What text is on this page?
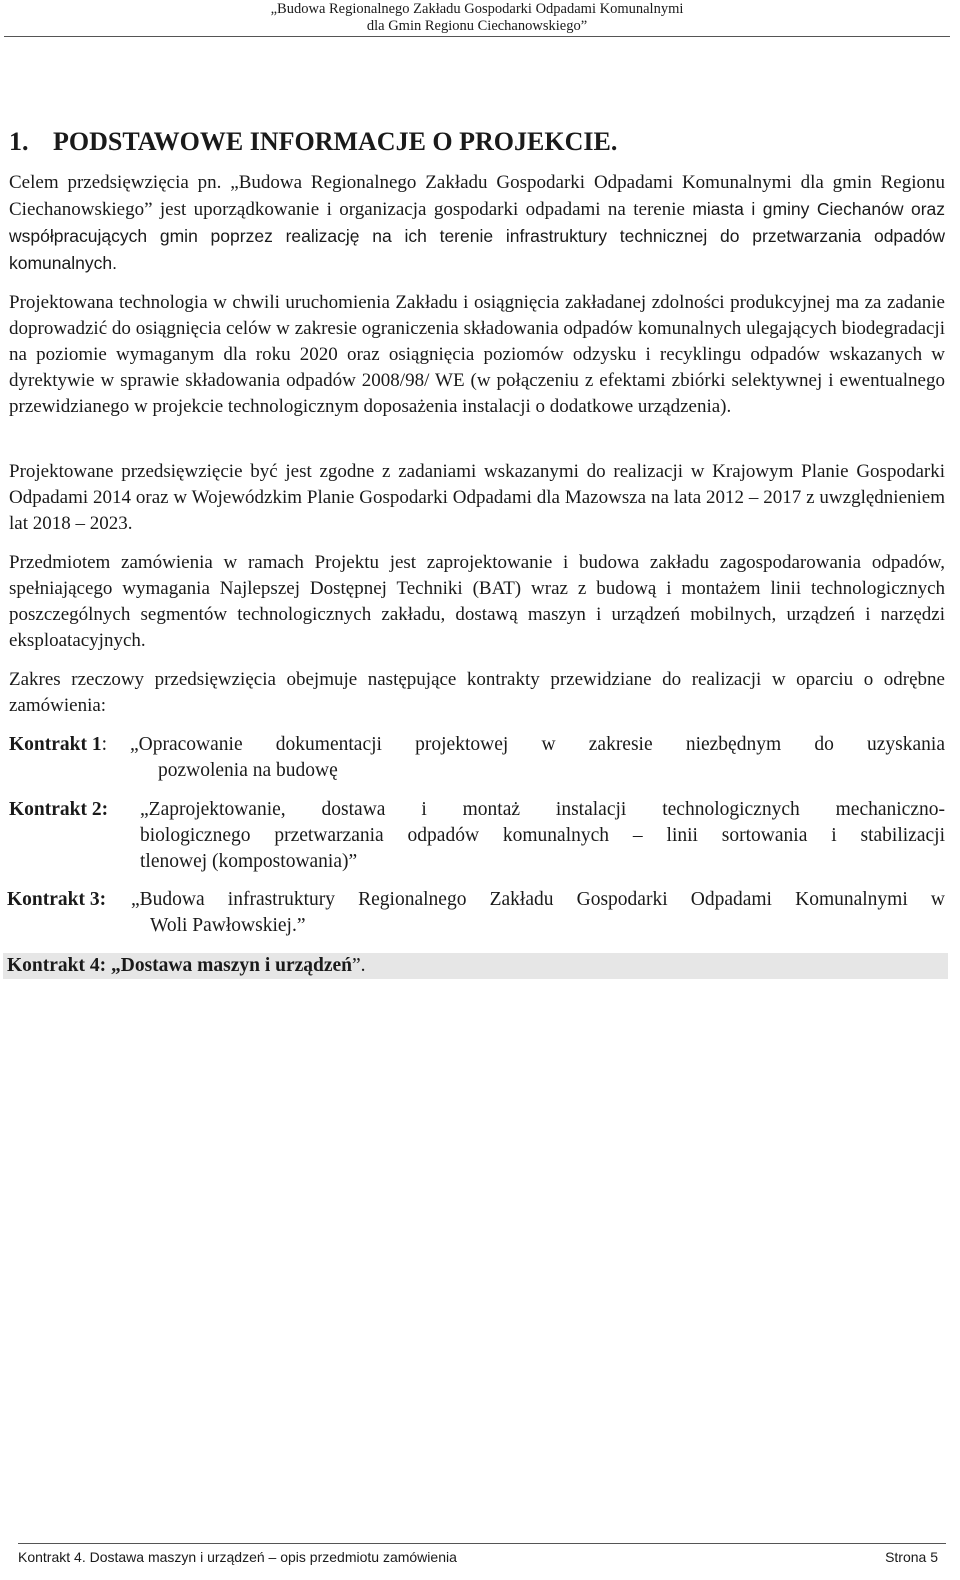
„Budowa Regionalnego Zakładu Gospodarki Odpadami Komunalnymi
dla Gmin Regionu Ciechanowskiego”
1. PODSTAWOWE INFORMACJE O PROJEKCIE.

Celem przedsięwzięcia pn. „Budowa Regionalnego Zakładu Gospodarki Odpadami Komunalnymi dla gmin Regionu Ciechanowskiego” jest uporządkowanie i organizacja gospodarki odpadami na terenie miasta i gminy Ciechanów oraz współpracujących gmin poprzez realizację na ich terenie infrastruktury technicznej do przetwarzania odpadów komunalnych.

Projektowana technologia w chwili uruchomienia Zakładu i osiągnięcia zakładanej zdolności produkcyjnej ma za zadanie doprowadzić do osiągnięcia celów w zakresie ograniczenia składowania odpadów komunalnych ulegających biodegradacji na poziomie wymaganym dla roku 2020 oraz osiągnięcia poziomów odzysku i recyklingu odpadów wskazanych w dyrektywie w sprawie składowania odpadów 2008/98/ WE (w połączeniu z efektami zbiórki selektywnej i ewentualnego przewidzianego w projekcie technologicznym doposażenia instalacji o dodatkowe urządzenia).

Projektowane przedsięwzięcie być jest zgodne z zadaniami wskazanymi do realizacji w Krajowym Planie Gospodarki Odpadami 2014 oraz w Wojewódzkim Planie Gospodarki Odpadami dla Mazowsza na lata 2012 – 2017 z uwzględnieniem lat 2018 – 2023.

Przedmiotem zamówienia w ramach Projektu jest zaprojektowanie i budowa zakładu zagospodarowania odpadów, spełniającego wymagania Najlepszej Dostępnej Techniki (BAT) wraz z budową i montażem linii technologicznych poszczególnych segmentów technologicznych zakładu, dostawą maszyn i urządzeń mobilnych, urządzeń i narzędzi eksploatacyjnych.

Zakres rzeczowy przedsięwzięcia obejmuje następujące kontrakty przewidziane do realizacji w oparciu o odrębne zamówienia:

Kontrakt 1: „Opracowanie dokumentacji projektowej w zakresie niezbędnym do uzyskania
pozwolenia na budowę
Kontrakt 2: „Zaprojektowanie, dostawa i montaż instalacji technologicznych mechaniczno-
biologicznego przetwarzania odpadów komunalnych – linii sortowania i stabilizacji
tlenowej (kompostowania)”
Kontrakt 3: „Budowa infrastruktury Regionalnego Zakładu Gospodarki Odpadami Komunalnymi w
Woli Pawłowskiej.”
Kontrakt 4: „Dostawa maszyn i urządzeń”.
Kontrakt 4. Dostawa maszyn i urządzeń – opis przedmiotu zamówienia	Strona 5
